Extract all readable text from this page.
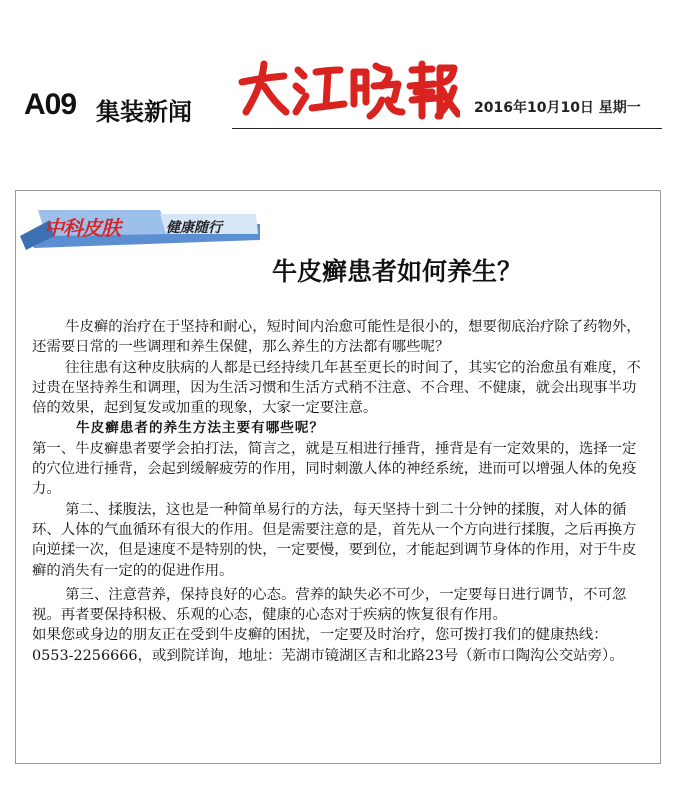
A09 集装新闻	2016年10月10日 星期一
中科皮肤	健康随行
牛皮癣患者如何养生？

牛皮癣的治疗在于坚持和耐心，短时间内治愈可能性是很小的，想要彻底治疗除了药物外，还需要日常的一些调理和养生保健，那么养生的方法都有哪些呢？

往往患有这种皮肤病的人都是已经持续几年甚至更长的时间了，其实它的治愈虽有难度，不过贵在坚持养生和调理，因为生活习惯和生活方式稍不注意、不合理、不健康，就会出现事半功倍的效果，起到复发或加重的现象，大家一定要注意。

牛皮癣患者的养生方法主要有哪些呢？

第一、牛皮癣患者要学会拍打法，简言之，就是互相进行捶背，捶背是有一定效果的，选择一定的穴位进行捶背，会起到缓解疲劳的作用，同时刺激人体的神经系统，进而可以增强人体的免疫力。

第二、揉腹法，这也是一种简单易行的方法，每天坚持十到二十分钟的揉腹，对人体的循环、人体的气血循环有很大的作用。但是需要注意的是，首先从一个方向进行揉腹，之后再换方向逆揉一次，但是速度不是特别的快，一定要慢，要到位，才能起到调节身体的作用，对于牛皮癣的消失有一定的的促进作用。

第三、注意营养，保持良好的心态。营养的缺失必不可少，一定要每日进行调节，不可忽视。再者要保持积极、乐观的心态，健康的心态对于疾病的恢复很有作用。

如果您或身边的朋友正在受到牛皮癣的困扰，一定要及时治疗，您可拨打我们的健康热线：0553-2256666，或到院详询，地址：芜湖市镜湖区吉和北路23号（新市口陶沟公交站旁）。
